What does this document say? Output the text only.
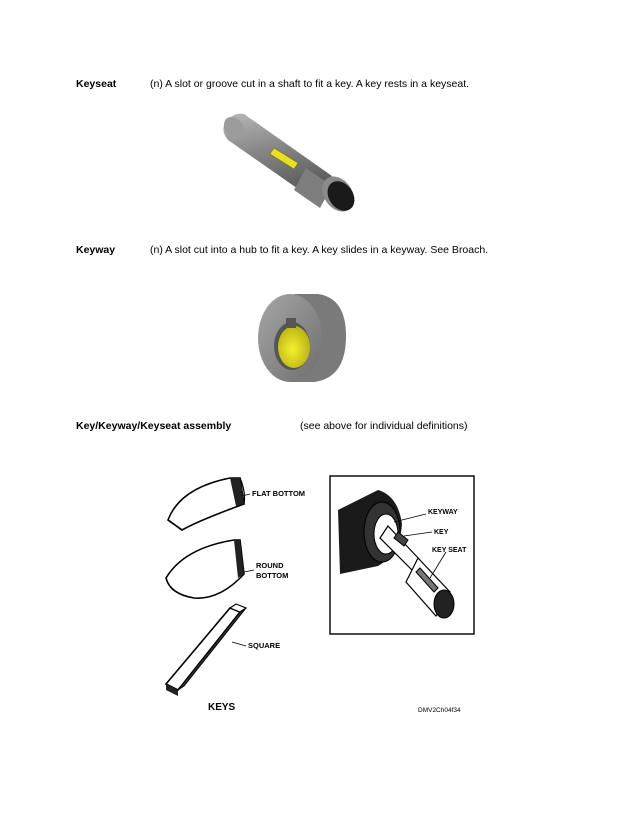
Keyseat	(n) A slot or groove cut in a shaft to fit a key. A key rests in a keyseat.
Keyway	(n) A slot cut into a hub to fit a key. A key slides in a keyway. See Broach.
Key/Keyway/Keyseat assembly	(see above for individual definitions)
FLAT BOTTOM
ROUND
BOTTOM
SQUARE
KEYS
KEYWAY
KEY
KEY SEAT
DMV2Ch04f34
